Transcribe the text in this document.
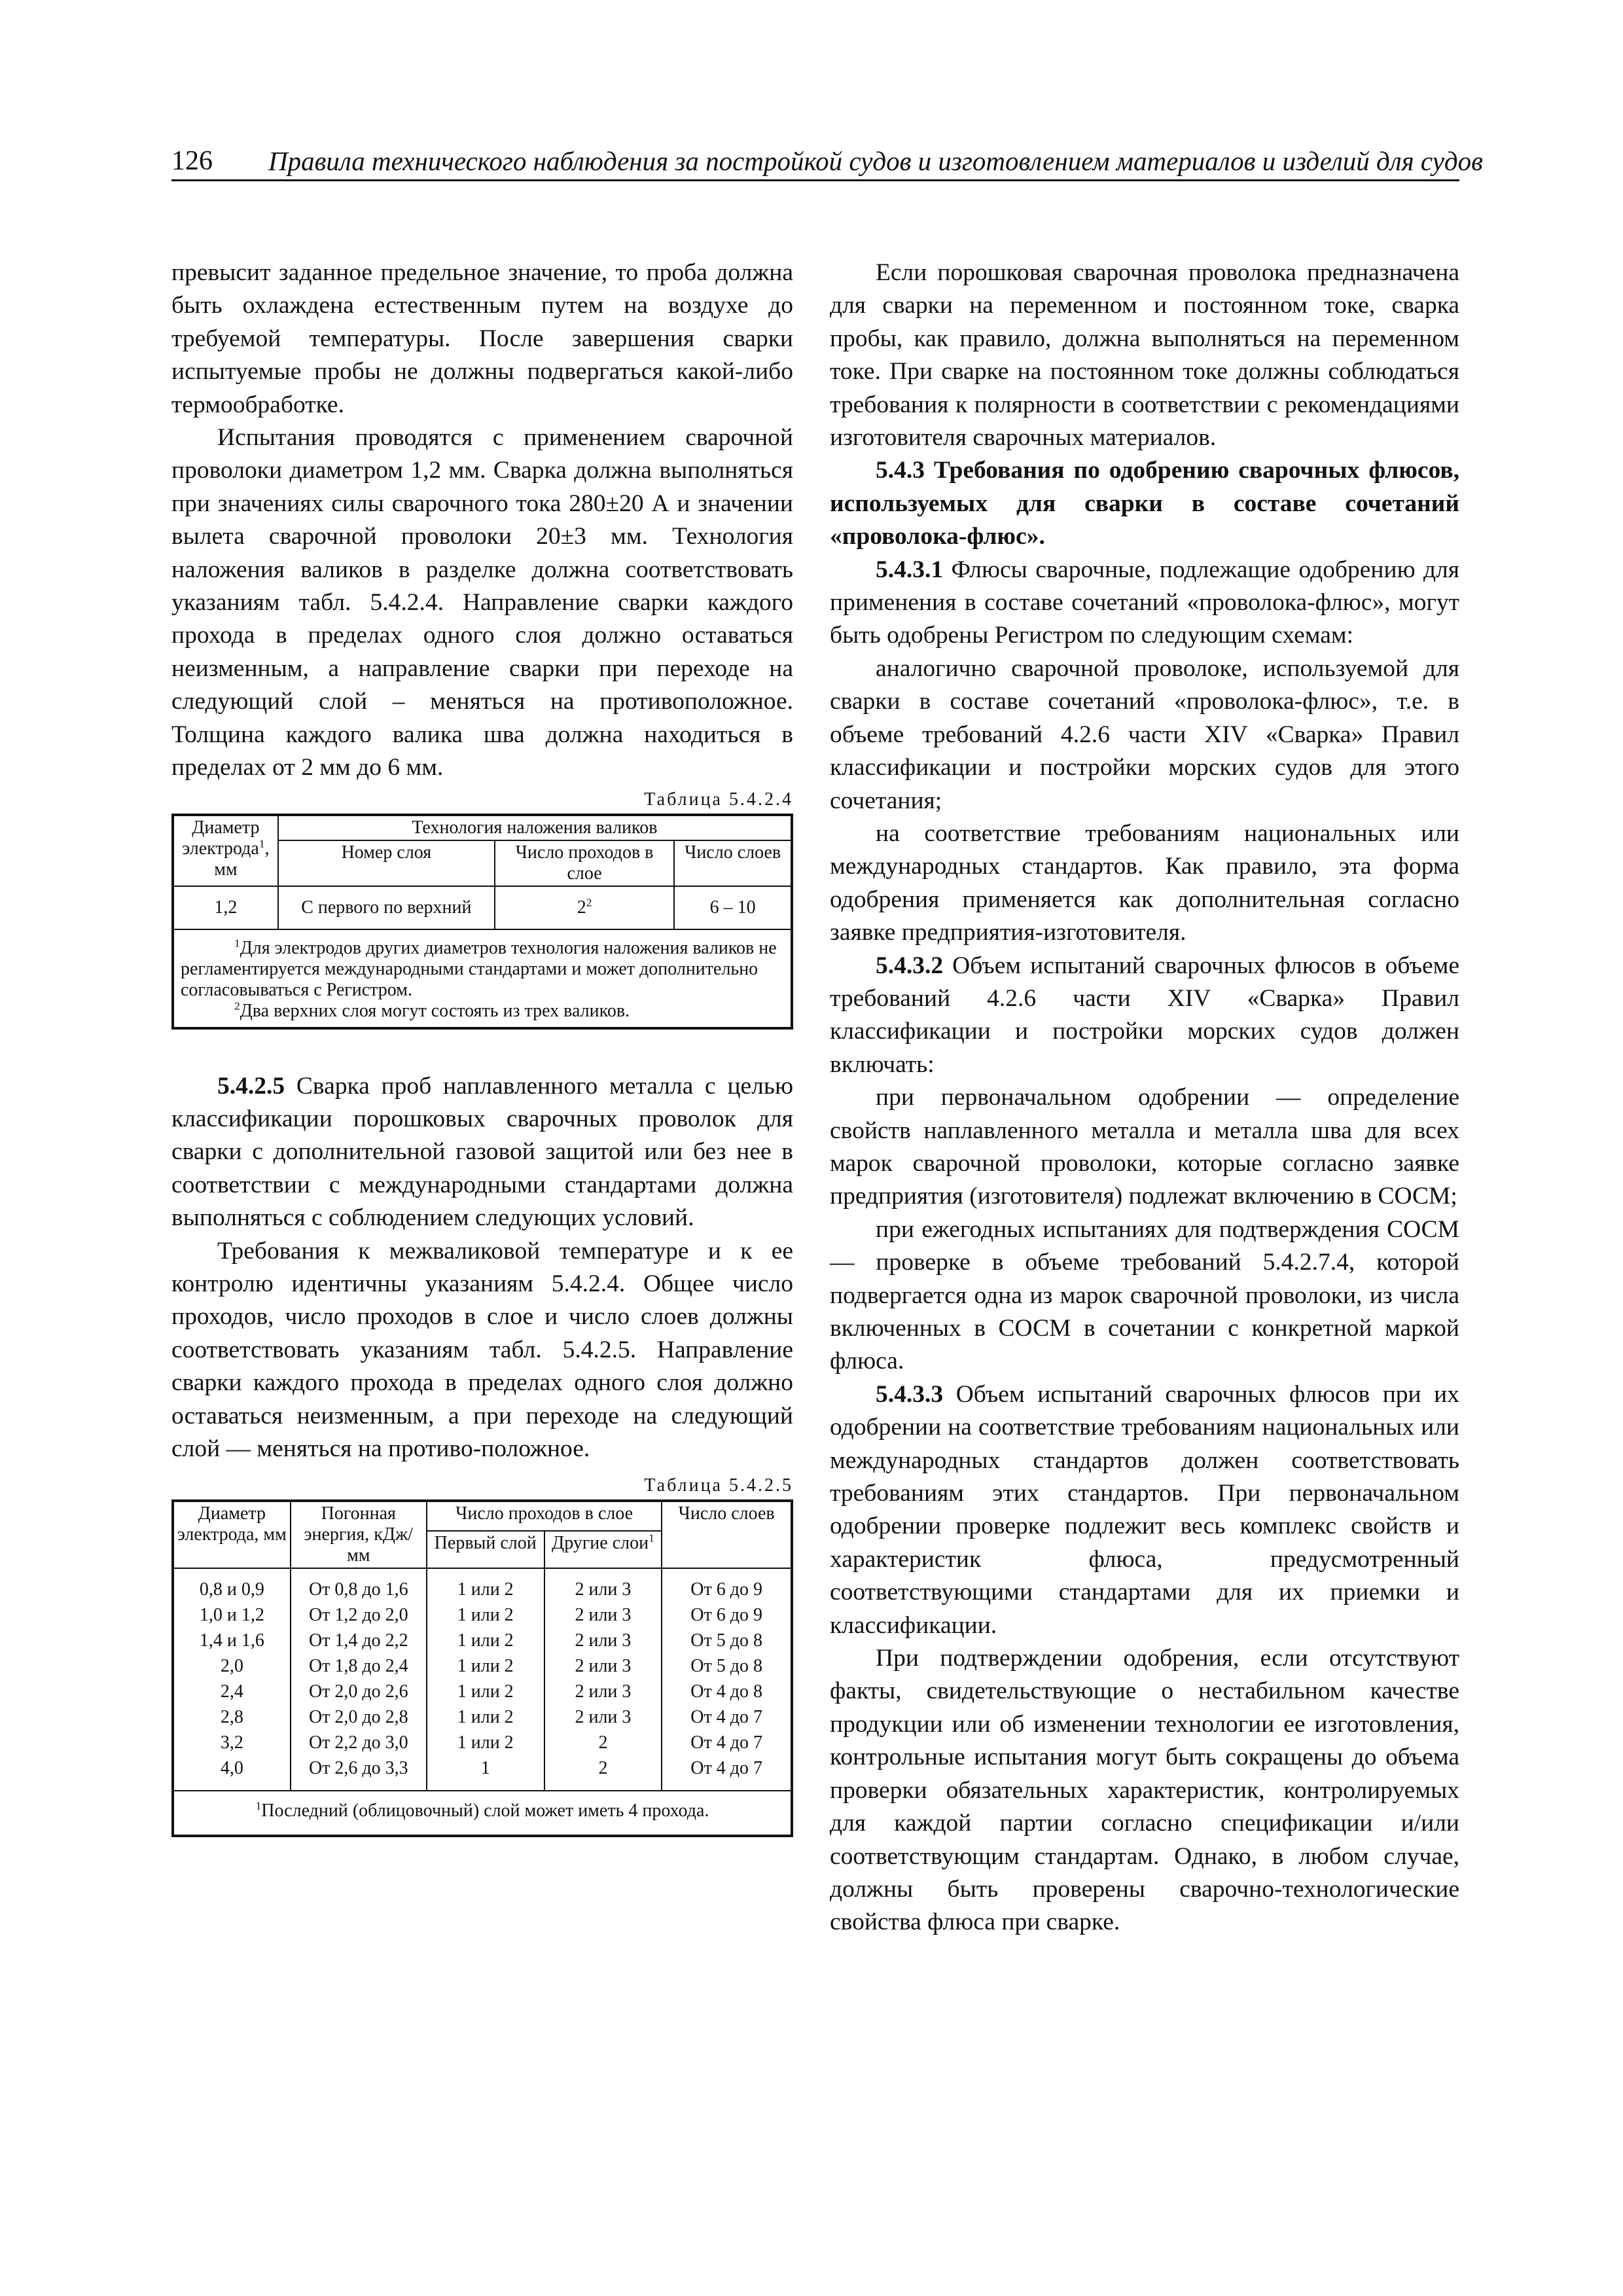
126 Правила технического наблюдения за постройкой судов и изготовлением материалов и изделий для судов

превысит заданное предельное значение, то проба должна быть охлаждена естественным путем на воздухе до требуемой температуры. После завершения сварки испытуемые пробы не должны подвергаться какой-либо термообработке.

Испытания проводятся с применением сварочной проволоки диаметром 1,2 мм. Сварка должна выполняться при значениях силы сварочного тока 280±20 А и значении вылета сварочной проволоки 20±3 мм. Технология наложения валиков в разделке должна соответствовать указаниям табл. 5.4.2.4. Направление сварки каждого прохода в пределах одного слоя должно оставаться неизменным, а направление сварки при переходе на следующий слой – меняться на противоположное. Толщина каждого валика шва должна находиться в пределах от 2 мм до 6 мм.

Таблица 5.4.2.4
Диаметр электрода$^1$, мм	Технология наложения валиков		
	Номер слоя	Число проходов в слое	Число слоев
1,2	С первого по верхний	$2^2$	6 – 10

$^1$Для электродов других диаметров технология наложения валиков не регламентируется международными стандартами и может дополнительно согласовываться с Регистром.
$^2$Два верхних слоя могут состоять из трех валиков.			

5.4.2.5 Сварка проб наплавленного металла с целью классификации порошковых сварочных проволок для сварки с дополнительной газовой защитой или без нее в соответствии с международными стандартами должна выполняться с соблюдением следующих условий.

Требования к межваликовой температуре и к ее контролю идентичны указаниям 5.4.2.4. Общее число проходов, число проходов в слое и число слоев должны соответствовать указаниям табл. 5.4.2.5. Направление сварки каждого прохода в пределах одного слоя должно оставаться неизменным, а при переходе на следующий слой — меняться на противо-положное.

Таблица 5.4.2.5
Диаметр электрода, мм	Погонная энергия, кДж/мм	Число проходов в слое		Число слоев
		Первый слой	Другие слои$^1$
0,8 и 0,9	От 0,8 до 1,6	1 или 2	2 или 3	От 6 до 9
1,0 и 1,2	От 1,2 до 2,0	1 или 2	2 или 3	От 6 до 9
1,4 и 1,6	От 1,4 до 2,2	1 или 2	2 или 3	От 5 до 8
2,0	От 1,8 до 2,4	1 или 2	2 или 3	От 5 до 8
2,4	От 2,0 до 2,6	1 или 2	2 или 3	От 4 до 8
2,8	От 2,0 до 2,8	1 или 2	2 или 3	От 4 до 7
3,2	От 2,2 до 3,0	1 или 2	2	От 4 до 7
4,0	От 2,6 до 3,3	1	2	От 4 до 7
$^1$Последний (облицовочный) слой может иметь 4 прохода.				

Если порошковая сварочная проволока предназначена для сварки на переменном и постоянном токе, сварка пробы, как правило, должна выполняться на переменном токе. При сварке на постоянном токе должны соблюдаться требования к полярности в соответствии с рекомендациями изготовителя сварочных материалов.

5.4.3 Требования по одобрению сварочных флюсов, используемых для сварки в составе сочетаний «проволока-флюс».

5.4.3.1 Флюсы сварочные, подлежащие одобрению для применения в составе сочетаний «проволока-флюс», могут быть одобрены Регистром по следующим схемам:

аналогично сварочной проволоке, используемой для сварки в составе сочетаний «проволока-флюс», т.е. в объеме требований 4.2.6 части XIV «Сварка» Правил классификации и постройки морских судов для этого сочетания;

на соответствие требованиям национальных или международных стандартов. Как правило, эта форма одобрения применяется как дополнительная согласно заявке предприятия-изготовителя.

5.4.3.2 Объем испытаний сварочных флюсов в объеме требований 4.2.6 части XIV «Сварка» Правил классификации и постройки морских судов должен включать:

при первоначальном одобрении — определение свойств наплавленного металла и металла шва для всех марок сварочной проволоки, которые согласно заявке предприятия (изготовителя) подлежат включению в СОСМ;

при ежегодных испытаниях для подтверждения СОСМ — проверке в объеме требований 5.4.2.7.4, которой подвергается одна из марок сварочной проволоки, из числа включенных в СОСМ в сочетании с конкретной маркой флюса.

5.4.3.3 Объем испытаний сварочных флюсов при их одобрении на соответствие требованиям национальных или международных стандартов должен соответствовать требованиям этих стандартов. При первоначальном одобрении проверке подлежит весь комплекс свойств и характеристик флюса, предусмотренный соответствующими стандартами для их приемки и классификации.

При подтверждении одобрения, если отсутствуют факты, свидетельствующие о нестабильном качестве продукции или об изменении технологии ее изготовления, контрольные испытания могут быть сокращены до объема проверки обязательных характеристик, контролируемых для каждой партии согласно спецификации и/или соответствующим стандартам. Однако, в любом случае, должны быть проверены сварочно-технологические свойства флюса при сварке.
